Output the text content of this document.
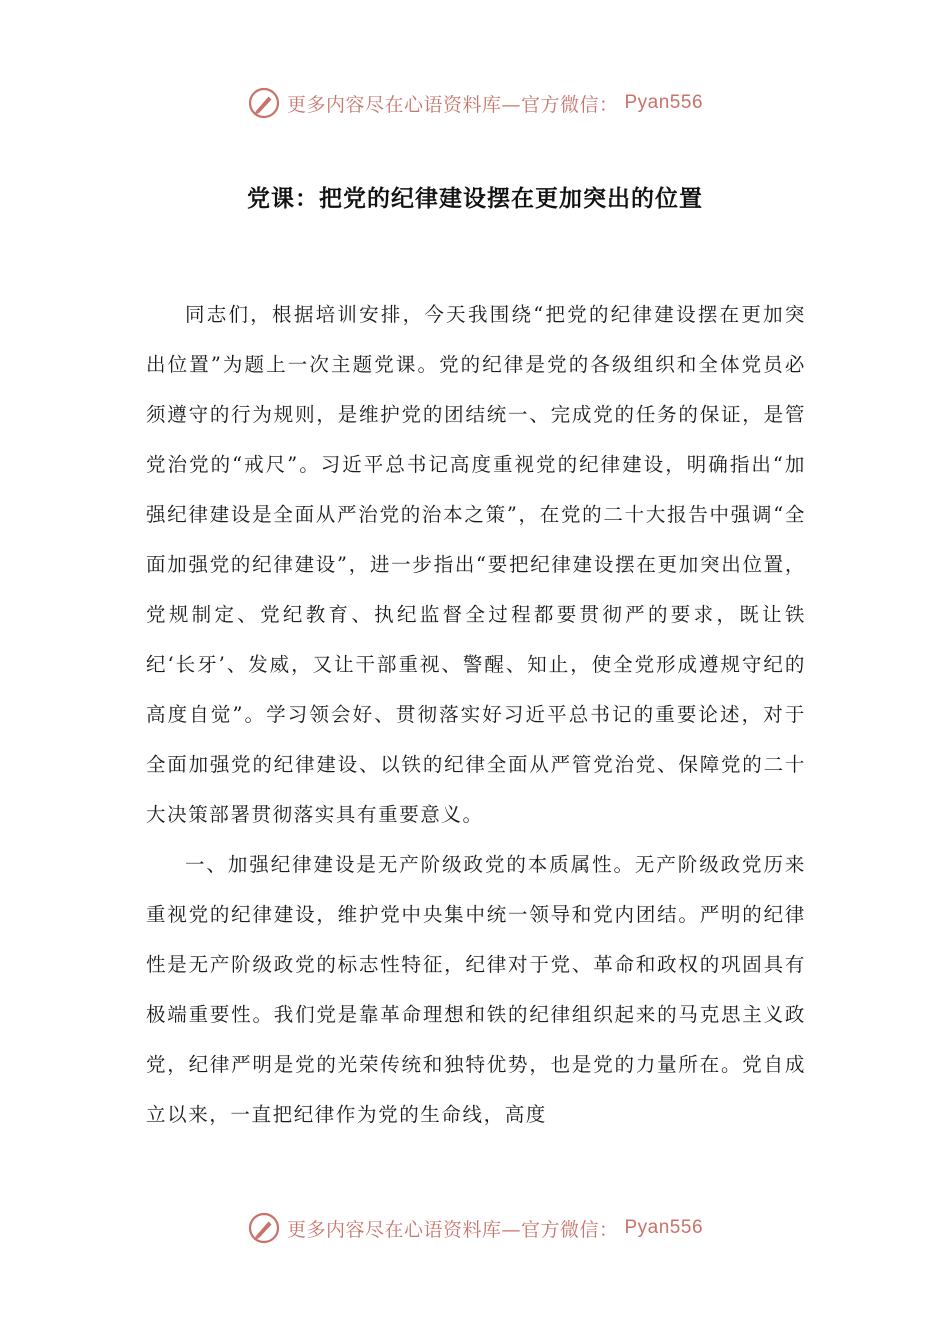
更多内容尽在心语资料库—官方微信： Pyan556
党课：把党的纪律建设摆在更加突出的位置

同志们，根据培训安排，今天我围绕“把党的纪律建设摆在更加突出位置”为题上一次主题党课。党的纪律是党的各级组织和全体党员必须遵守的行为规则，是维护党的团结统一、完成党的任务的保证，是管党治党的“戒尺”。习近平总书记高度重视党的纪律建设，明确指出“加强纪律建设是全面从严治党的治本之策”，在党的二十大报告中强调“全面加强党的纪律建设”，进一步指出“要把纪律建设摆在更加突出位置，党规制定、党纪教育、执纪监督全过程都要贯彻严的要求，既让铁纪‘长牙’、发威，又让干部重视、警醒、知止，使全党形成遵规守纪的高度自觉”。学习领会好、贯彻落实好习近平总书记的重要论述，对于全面加强党的纪律建设、以铁的纪律全面从严管党治党、保障党的二十大决策部署贯彻落实具有重要意义。

一、加强纪律建设是无产阶级政党的本质属性。无产阶级政党历来重视党的纪律建设，维护党中央集中统一领导和党内团结。严明的纪律性是无产阶级政党的标志性特征，纪律对于党、革命和政权的巩固具有极端重要性。我们党是靠革命理想和铁的纪律组织起来的马克思主义政党，纪律严明是党的光荣传统和独特优势，也是党的力量所在。党自成立以来，一直把纪律作为党的生命线，高度

更多内容尽在心语资料库—官方微信： Pyan556
